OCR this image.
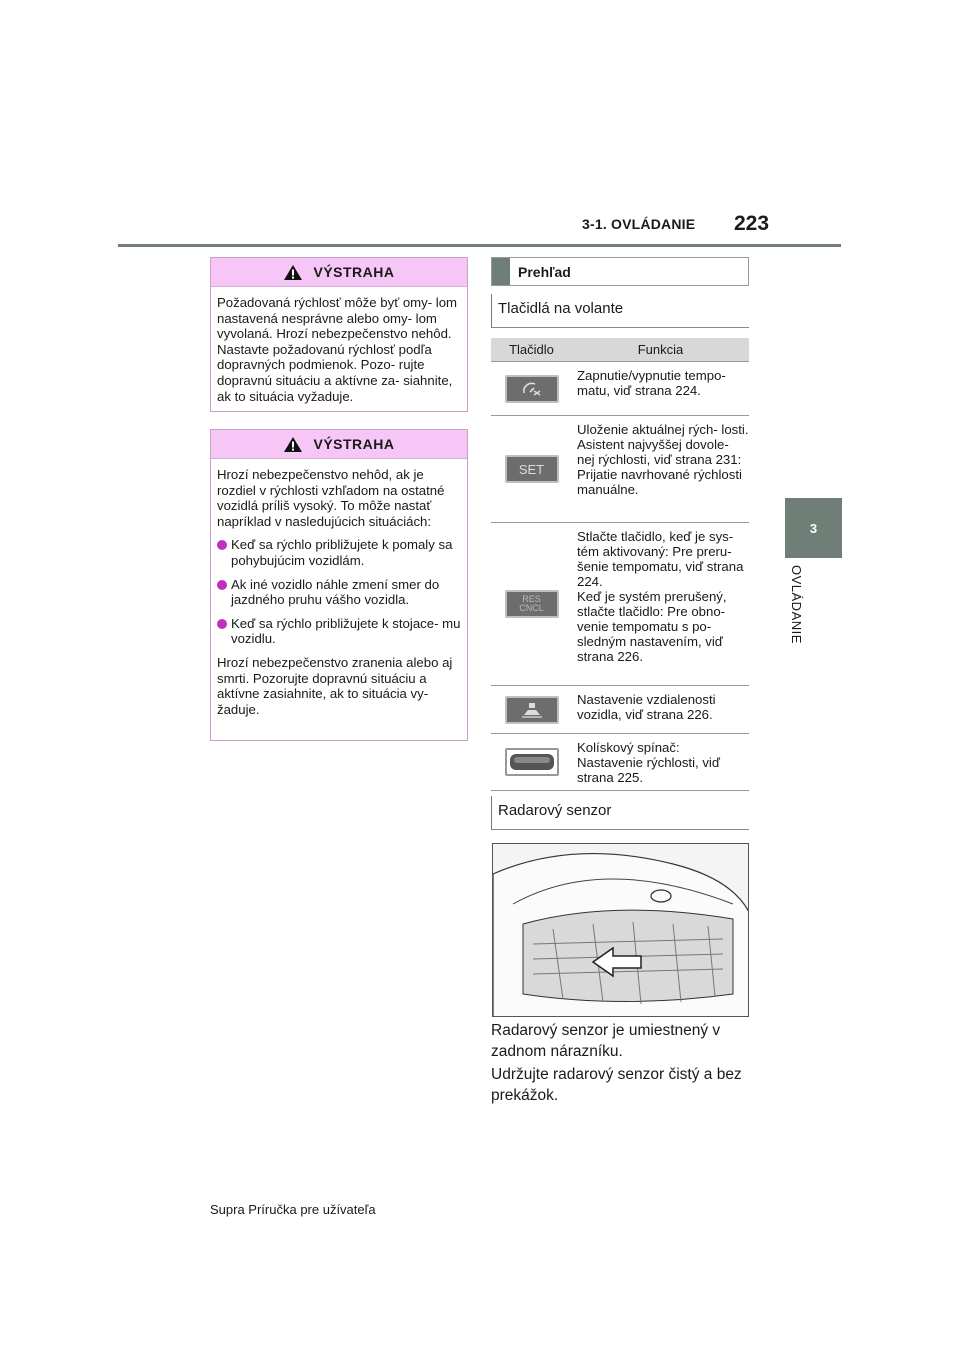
3-1. OVLÁDANIE 223
3
OVLÁDANIE
VÝSTRAHA

Požadovaná rýchlosť môže byť omy- lom nastavená nesprávne alebo omy- lom vyvolaná. Hrozí nebezpečenstvo nehôd. Nastavte požadovanú rýchlosť podľa dopravných podmienok. Pozo- rujte dopravnú situáciu a aktívne za- siahnite, ak to situácia vyžaduje.

VÝSTRAHA

Hrozí nebezpečenstvo nehôd, ak je rozdiel v rýchlosti vzhľadom na ostatné vozidlá príliš vysoký. To môže nastať napríklad v nasledujúcich situáciách:

Keď sa rýchlo približujete k pomaly sa pohybujúcim vozidlám.
Ak iné vozidlo náhle zmení smer do jazdného pruhu vášho vozidla.
Keď sa rýchlo približujete k stojace- mu vozidlu.

Hrozí nebezpečenstvo zranenia alebo aj smrti. Pozorujte dopravnú situáciu a aktívne zasiahnite, ak to situácia vy- žaduje.

Prehľad
Tlačidlá na volante
Tlačidlo	Funkcia

Zapnutie/vypnutie tempo- matu, viď strana 224.

SET

Uloženie aktuálnej rých- losti.

Asistent najvyššej dovole- nej rýchlosti, viď strana 231: Prijatie navrhované rýchlosti manuálne.

RES
CNCL

Stlačte tlačidlo, keď je sys- tém aktivovaný: Pre preru- šenie tempomatu, viď strana 224.

Keď je systém prerušený, stlačte tlačidlo: Pre obno- venie tempomatu s po- sledným nastavením, viď strana 226.

Nastavenie vzdialenosti vozidla, viď strana 226.

Kolískový spínač:

Nastavenie rýchlosti, viď strana 225.

Radarový senzor
Radarový senzor je umiestnený v zadnom nárazníku.
Udržujte radarový senzor čistý a bez prekážok.
Supra Príručka pre užívateľa
